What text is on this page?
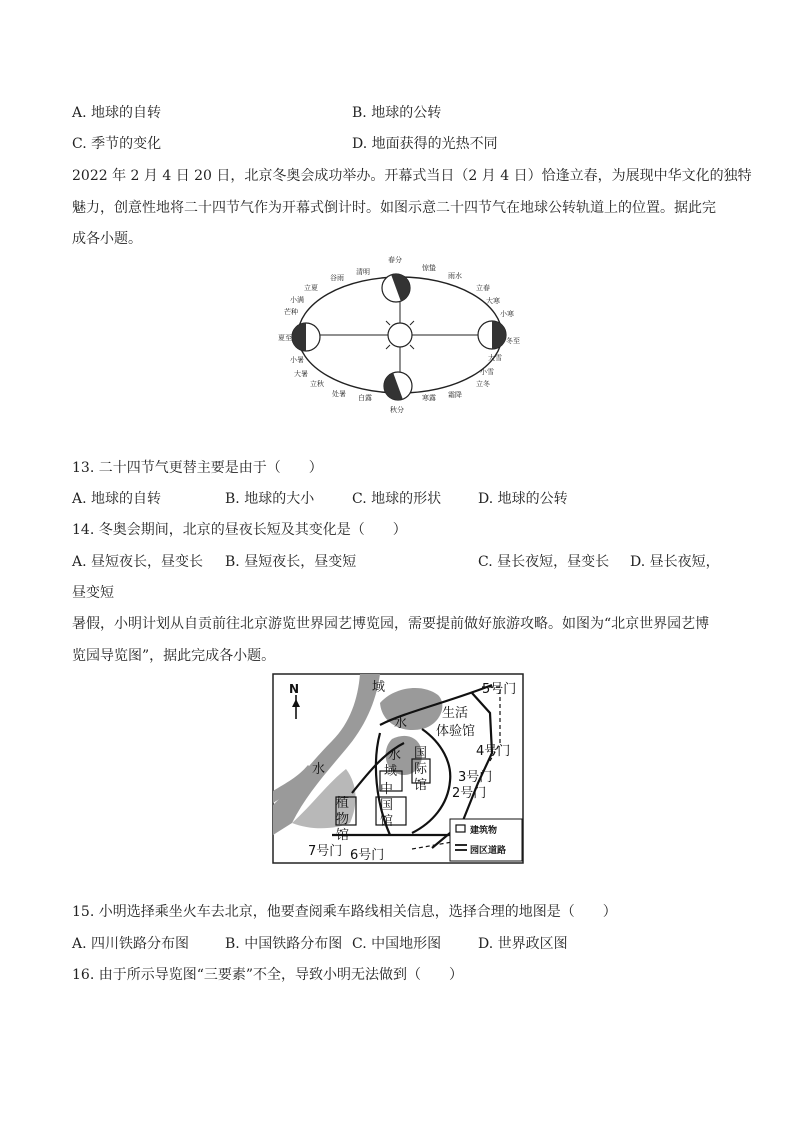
A. 地球的自转	B. 地球的公转
C. 季节的变化	D. 地面获得的光热不同
2022 年 2 月 4 日 20 日，北京冬奥会成功举办。开幕式当日（2 月 4 日）恰逢立春，为展现中华文化的独特
魅力，创意性地将二十四节气作为开幕式倒计时。如图示意二十四节气在地球公转轨道上的位置。据此完
成各小题。
春分
惊蛰
雨水
立春
大寒
小寒
冬至
大雪
小雪
立冬
霜降
寒露
秋分
白露
处暑
立秋
大暑
小暑
夏至
芒种
小满
立夏
谷雨
清明
13. 二十四节气更替主要是由于（　　）
A. 地球的自转	B. 地球的大小	C. 地球的形状	D. 地球的公转
14. 冬奥会期间，北京的昼夜长短及其变化是（　　）
A. 昼短夜长，昼变长 B. 昼短夜长，昼变短	C. 昼长夜短，昼变长 D. 昼长夜短，
昼变短
暑假，小明计划从自贡前往北京游览世界园艺博览园，需要提前做好旅游攻略。如图为“北京世界园艺博
览园导览图”，据此完成各小题。
N	域
水
水
水
域
5号门
4号门
3号门
2号门
6号门
7号门
生活
体验馆
国
际
馆
中
国
馆
植
物
馆	建筑物
园区道路
15. 小明选择乘坐火车去北京，他要查阅乘车路线相关信息，选择合理的地图是（　　）
A. 四川铁路分布图	B. 中国铁路分布图 C. 中国地形图	D. 世界政区图
16. 由于所示导览图“三要素”不全，导致小明无法做到（　　）
